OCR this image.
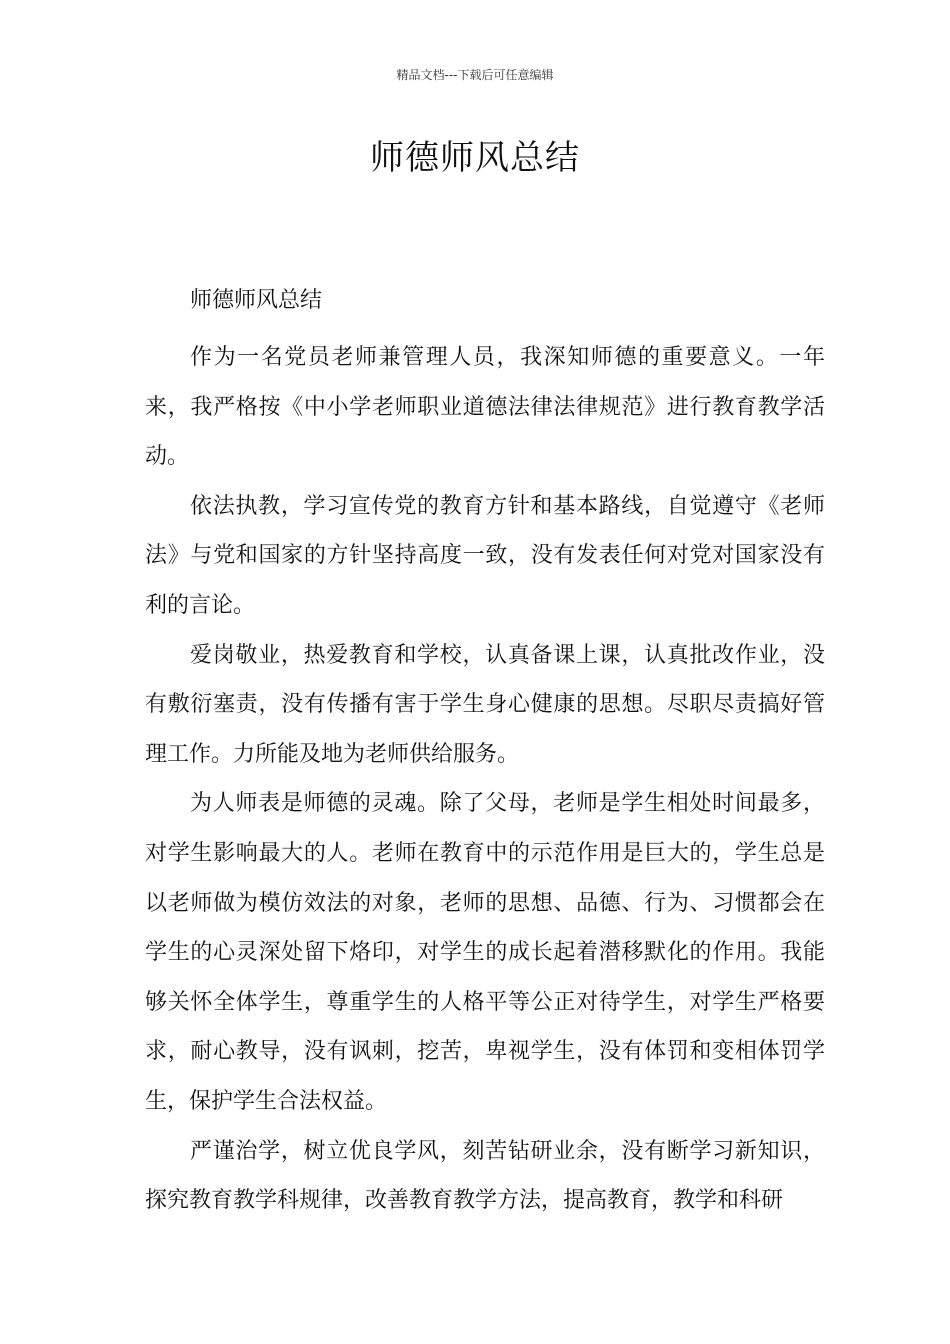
精品文档---下载后可任意编辑
师德师风总结

师德师风总结

作为一名党员老师兼管理人员，我深知师德的重要意义。一年来，我严格按《中小学老师职业道德法律法律规范》进行教育教学活动。

依法执教，学习宣传党的教育方针和基本路线，自觉遵守《老师法》与党和国家的方针坚持高度一致，没有发表任何对党对国家没有利的言论。

爱岗敬业，热爱教育和学校，认真备课上课，认真批改作业，没有敷衍塞责，没有传播有害于学生身心健康的思想。尽职尽责搞好管理工作。力所能及地为老师供给服务。

为人师表是师德的灵魂。除了父母，老师是学生相处时间最多，对学生影响最大的人。老师在教育中的示范作用是巨大的，学生总是以老师做为模仿效法的对象，老师的思想、品德、行为、习惯都会在学生的心灵深处留下烙印，对学生的成长起着潜移默化的作用。我能够关怀全体学生，尊重学生的人格平等公正对待学生，对学生严格要求，耐心教导，没有讽刺，挖苦，卑视学生，没有体罚和变相体罚学生，保护学生合法权益。

严谨治学，树立优良学风，刻苦钻研业余，没有断学习新知识，探究教育教学科规律，改善教育教学方法，提高教育，教学和科研
